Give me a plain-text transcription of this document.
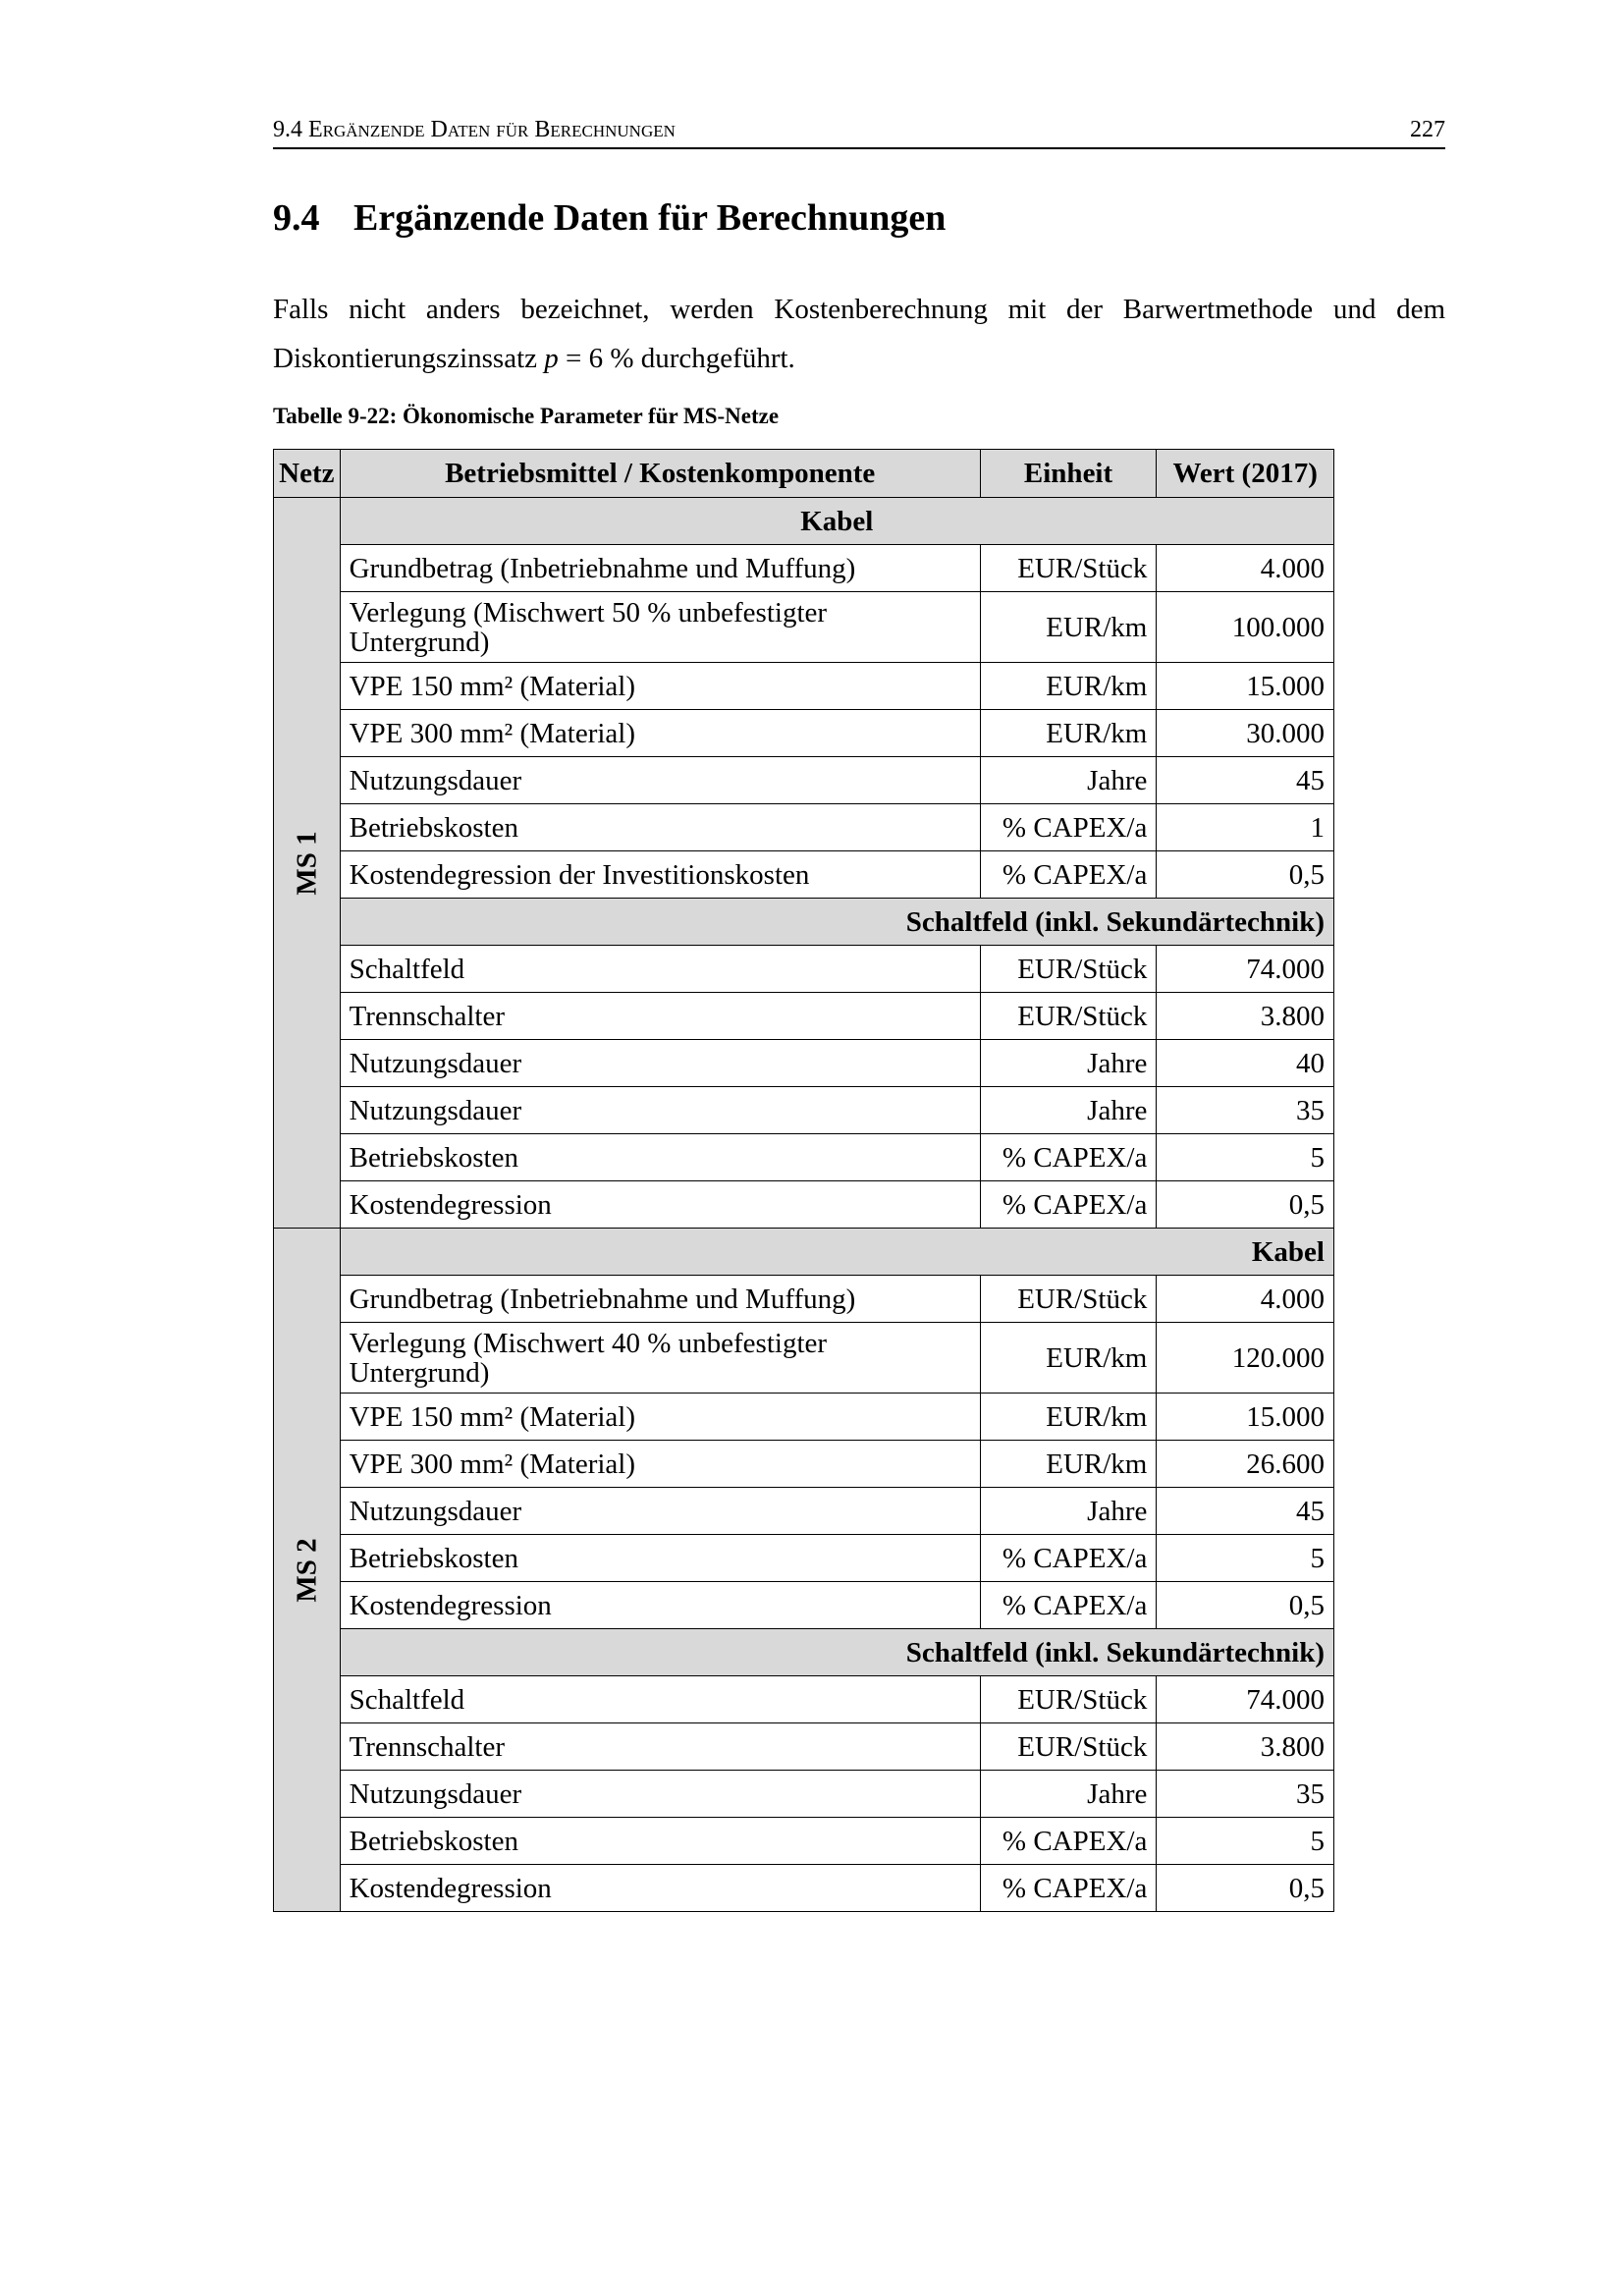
9.4 Ergänzende Daten für Berechnungen	227
9.4 Ergänzende Daten für Berechnungen
Falls nicht anders bezeichnet, werden Kostenberechnung mit der Barwertmethode und dem Diskontierungszinssatz p = 6 % durchgeführt.
Tabelle 9-22: Ökonomische Parameter für MS-Netze
Netz	Betriebsmittel / Kostenkomponente	Einheit	Wert (2017)
MS 1	Kabel		
	Grundbetrag (Inbetriebnahme und Muffung)	EUR/Stück	4.000
	Verlegung (Mischwert 50 % unbefestigter Untergrund)	EUR/km	100.000
	VPE 150 mm² (Material)	EUR/km	15.000
	VPE 300 mm² (Material)	EUR/km	30.000
	Nutzungsdauer	Jahre	45
	Betriebskosten	% CAPEX/a	1
	Kostendegression der Investitionskosten	% CAPEX/a	0,5
	Schaltfeld (inkl. Sekundärtechnik)		
	Schaltfeld	EUR/Stück	74.000
	Trennschalter	EUR/Stück	3.800
	Nutzungsdauer	Jahre	40
	Nutzungsdauer	Jahre	35
	Betriebskosten	% CAPEX/a	5
	Kostendegression	% CAPEX/a	0,5
MS 2	Kabel		
	Grundbetrag (Inbetriebnahme und Muffung)	EUR/Stück	4.000
	Verlegung (Mischwert 40 % unbefestigter Untergrund)	EUR/km	120.000
	VPE 150 mm² (Material)	EUR/km	15.000
	VPE 300 mm² (Material)	EUR/km	26.600
	Nutzungsdauer	Jahre	45
	Betriebskosten	% CAPEX/a	5
	Kostendegression	% CAPEX/a	0,5
	Schaltfeld (inkl. Sekundärtechnik)		
	Schaltfeld	EUR/Stück	74.000
	Trennschalter	EUR/Stück	3.800
	Nutzungsdauer	Jahre	35
	Betriebskosten	% CAPEX/a	5
	Kostendegression	% CAPEX/a	0,5
